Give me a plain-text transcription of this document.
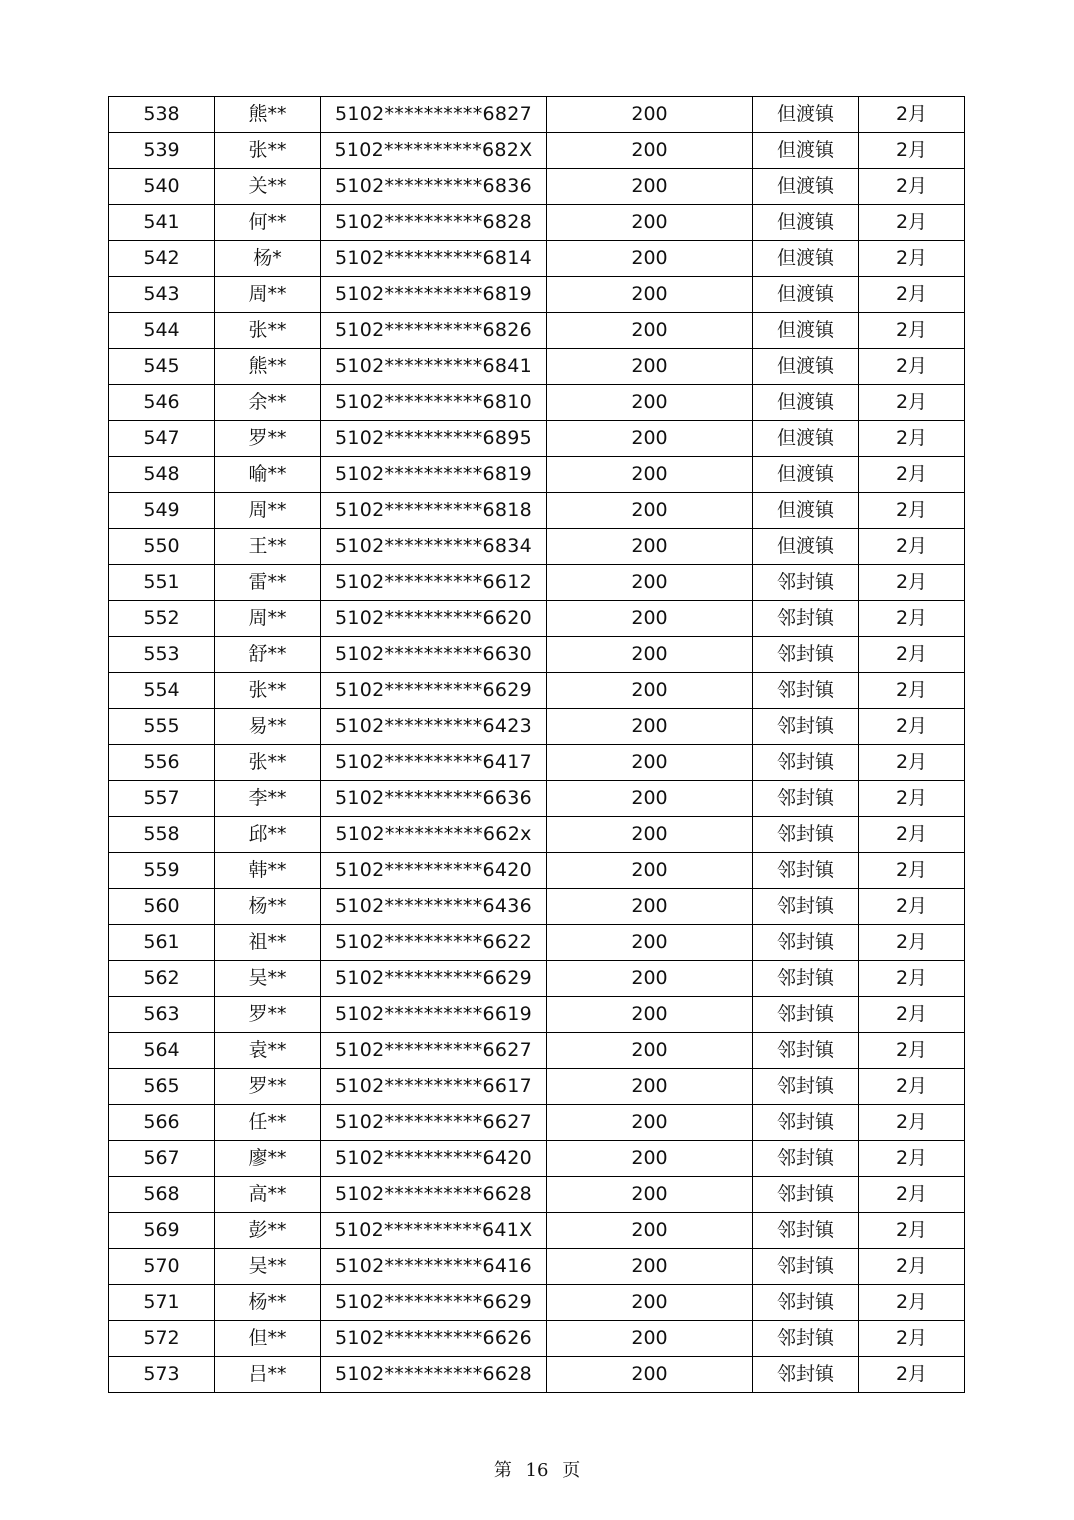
538	熊**	5102**********6827	200	但渡镇	2月
539	张**	5102**********682X	200	但渡镇	2月
540	关**	5102**********6836	200	但渡镇	2月
541	何**	5102**********6828	200	但渡镇	2月
542	杨*	5102**********6814	200	但渡镇	2月
543	周**	5102**********6819	200	但渡镇	2月
544	张**	5102**********6826	200	但渡镇	2月
545	熊**	5102**********6841	200	但渡镇	2月
546	余**	5102**********6810	200	但渡镇	2月
547	罗**	5102**********6895	200	但渡镇	2月
548	喻**	5102**********6819	200	但渡镇	2月
549	周**	5102**********6818	200	但渡镇	2月
550	王**	5102**********6834	200	但渡镇	2月
551	雷**	5102**********6612	200	邻封镇	2月
552	周**	5102**********6620	200	邻封镇	2月
553	舒**	5102**********6630	200	邻封镇	2月
554	张**	5102**********6629	200	邻封镇	2月
555	易**	5102**********6423	200	邻封镇	2月
556	张**	5102**********6417	200	邻封镇	2月
557	李**	5102**********6636	200	邻封镇	2月
558	邱**	5102**********662x	200	邻封镇	2月
559	韩**	5102**********6420	200	邻封镇	2月
560	杨**	5102**********6436	200	邻封镇	2月
561	祖**	5102**********6622	200	邻封镇	2月
562	吴**	5102**********6629	200	邻封镇	2月
563	罗**	5102**********6619	200	邻封镇	2月
564	袁**	5102**********6627	200	邻封镇	2月
565	罗**	5102**********6617	200	邻封镇	2月
566	任**	5102**********6627	200	邻封镇	2月
567	廖**	5102**********6420	200	邻封镇	2月
568	高**	5102**********6628	200	邻封镇	2月
569	彭**	5102**********641X	200	邻封镇	2月
570	吴**	5102**********6416	200	邻封镇	2月
571	杨**	5102**********6629	200	邻封镇	2月
572	但**	5102**********6626	200	邻封镇	2月
573	吕**	5102**********6628	200	邻封镇	2月
第 16 页
